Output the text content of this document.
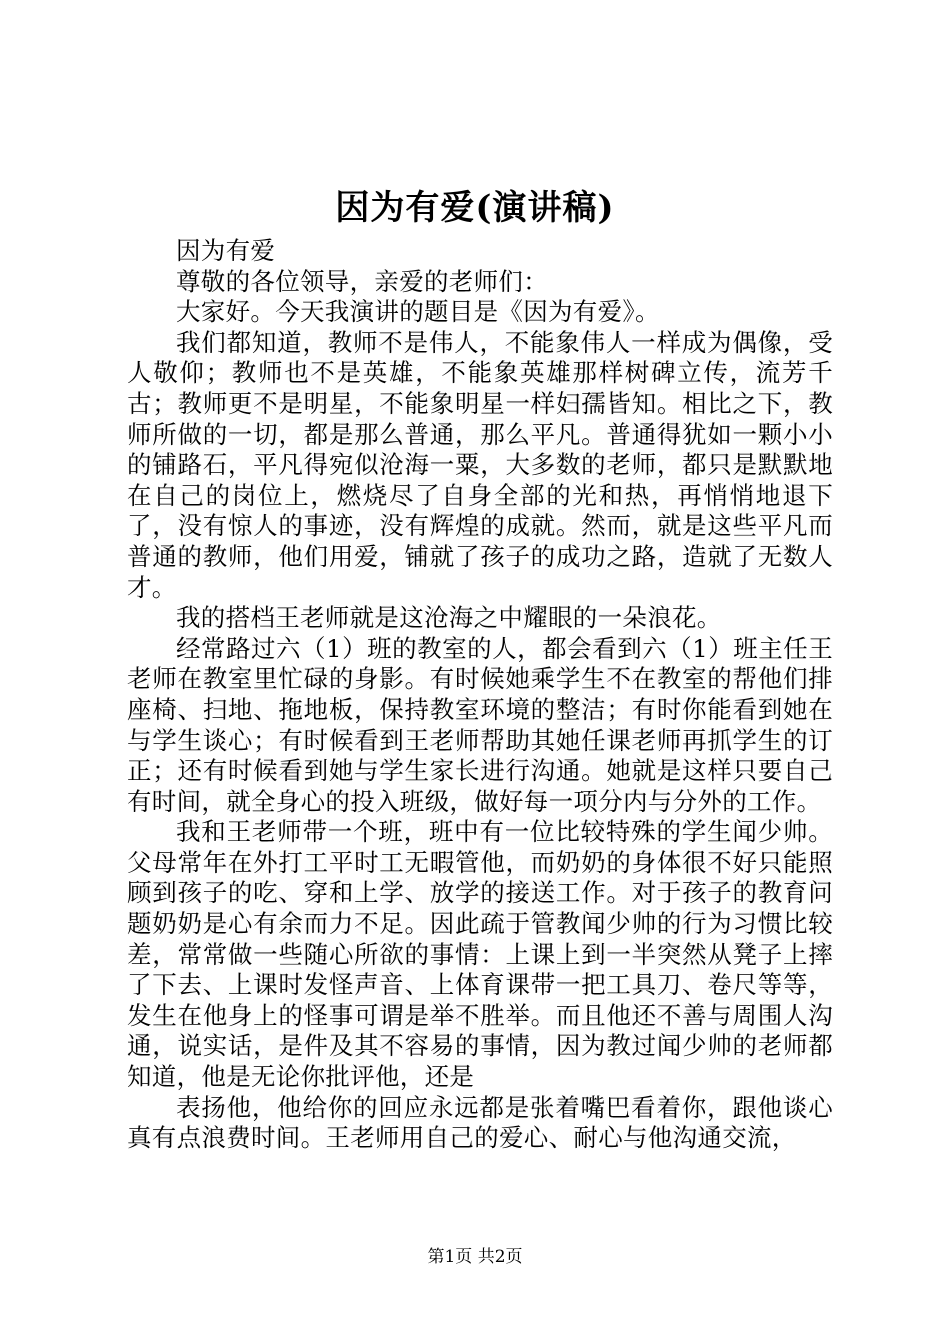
因为有爱(演讲稿)

因为有爱

尊敬的各位领导，亲爱的老师们：

大家好。今天我演讲的题目是《因为有爱》。

我们都知道，教师不是伟人，不能象伟人一样成为偶像，受人敬仰；教师也不是英雄，不能象英雄那样树碑立传，流芳千古；教师更不是明星，不能象明星一样妇孺皆知。相比之下，教师所做的一切，都是那么普通，那么平凡。普通得犹如一颗小小的铺路石，平凡得宛似沧海一粟，大多数的老师，都只是默默地在自己的岗位上，燃烧尽了自身全部的光和热，再悄悄地退下了，没有惊人的事迹，没有辉煌的成就。然而，就是这些平凡而普通的教师，他们用爱，铺就了孩子的成功之路，造就了无数人才。

我的搭档王老师就是这沧海之中耀眼的一朵浪花。

经常路过六（1）班的教室的人，都会看到六（1）班主任王老师在教室里忙碌的身影。有时候她乘学生不在教室的帮他们排座椅、扫地、拖地板，保持教室环境的整洁；有时你能看到她在与学生谈心；有时候看到王老师帮助其她任课老师再抓学生的订正；还有时候看到她与学生家长进行沟通。她就是这样只要自己有时间，就全身心的投入班级，做好每一项分内与分外的工作。

我和王老师带一个班，班中有一位比较特殊的学生闻少帅。父母常年在外打工平时工无暇管他，而奶奶的身体很不好只能照顾到孩子的吃、穿和上学、放学的接送工作。对于孩子的教育问题奶奶是心有余而力不足。因此疏于管教闻少帅的行为习惯比较差，常常做一些随心所欲的事情：上课上到一半突然从凳子上摔了下去、上课时发怪声音、上体育课带一把工具刀、卷尺等等，发生在他身上的怪事可谓是举不胜举。而且他还不善与周围人沟通，说实话，是件及其不容易的事情，因为教过闻少帅的老师都知道，他是无论你批评他，还是

表扬他，他给你的回应永远都是张着嘴巴看着你，跟他谈心真有点浪费时间。王老师用自己的爱心、耐心与他沟通交流，

第1页 共2页
